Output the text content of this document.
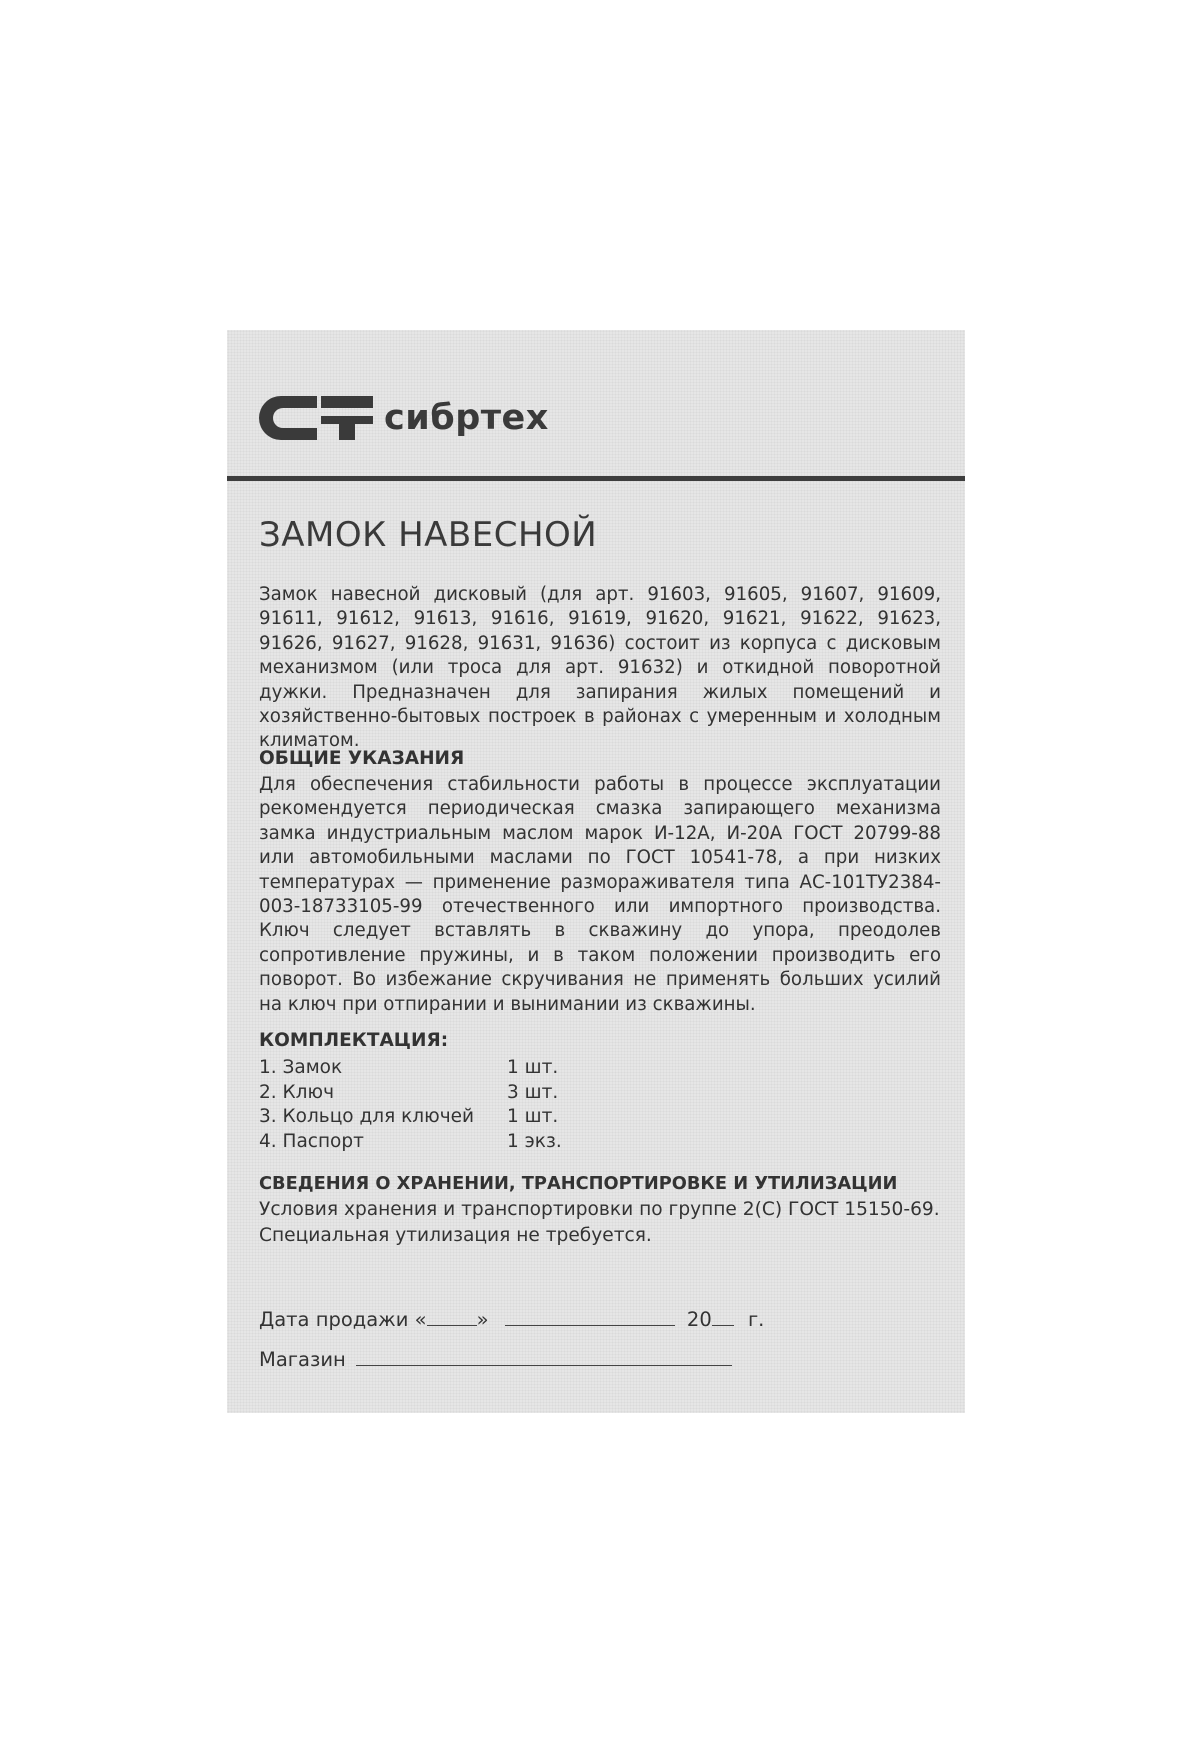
сибртех
ЗАМОК НАВЕСНОЙ

Замок навесной дисковый (для арт. 91603, 91605, 91607, 91609, 91611, 91612, 91613, 91616, 91619, 91620, 91621, 91622, 91623, 91626, 91627, 91628, 91631, 91636) состоит из корпуса с дисковым механизмом (или троса для арт. 91632) и откидной поворотной дужки. Предназначен для запирания жилых помещений и хозяйственно-бытовых построек в районах с умеренным и холодным климатом.

ОБЩИЕ УКАЗАНИЯ

Для обеспечения стабильности работы в процессе эксплуатации рекомендуется периодическая смазка запирающего механизма замка индустриальным маслом марок И-12А, И-20А ГОСТ 20799-88 или автомобильными маслами по ГОСТ 10541-78, а при низких температурах — применение размораживателя типа АС-101ТУ2384-003-18733105-99 отечественного или импортного производства. Ключ следует вставлять в скважину до упора, преодолев сопротивление пружины, и в таком положении производить его поворот. Во избежание скручивания не применять больших усилий на ключ при отпирании и вынимании из скважины.

КОМПЛЕКТАЦИЯ:

1. Замок	1 шт.
2. Ключ	3 шт.
3. Кольцо для ключей 1 шт.
4. Паспорт	1 экз.

СВЕДЕНИЯ О ХРАНЕНИИ, ТРАНСПОРТИРОВКЕ И УТИЛИЗАЦИИ

Условия хранения и транспортировки по группе 2(С) ГОСТ 15150-69.

Специальная утилизация не требуется.

Дата продажи «	»	20 г.
Магазин
